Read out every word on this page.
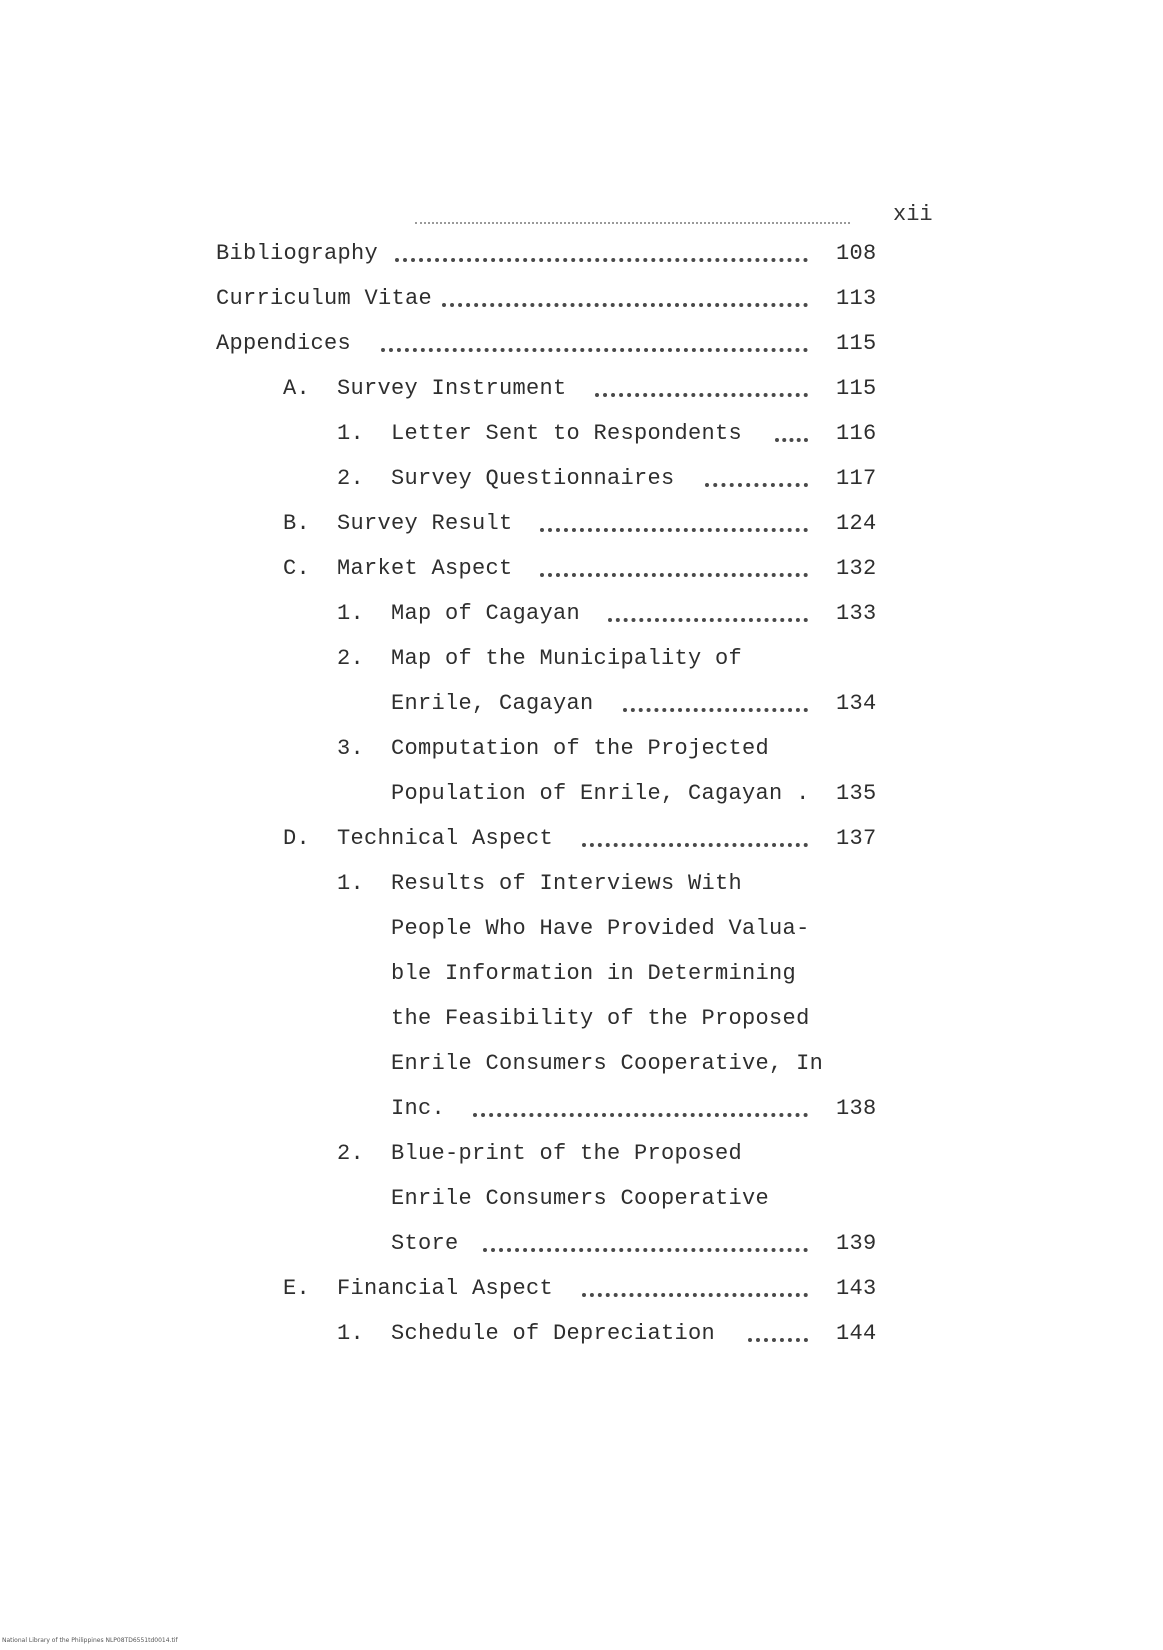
xii
Bibliography	108
Curriculum Vitae	113
Appendices	115
A. Survey Instrument	115
1. Letter Sent to Respondents	116
2. Survey Questionnaires	117
B. Survey Result	124
C. Market Aspect	132
1. Map of Cagayan	133
2. Map of the Municipality of
Enrile, Cagayan	134
3. Computation of the Projected
Population of Enrile, Cagayan . 135
D. Technical Aspect	137
1. Results of Interviews With
People Who Have Provided Valua-
ble Information in Determining
the Feasibility of the Proposed
Enrile Consumers Cooperative, In
Inc.	138
2. Blue-print of the Proposed
Enrile Consumers Cooperative
Store	139
E. Financial Aspect	143
1. Schedule of Depreciation	144
National Library of the Philippines NLP08TD6551td0014.tif
